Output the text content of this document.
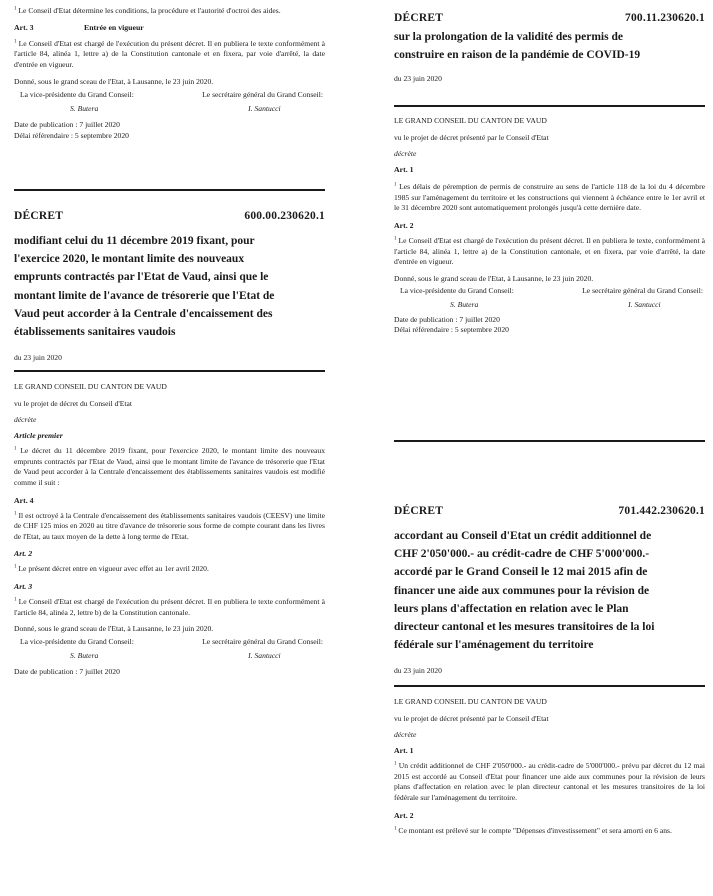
$^1$ Le Conseil d'Etat détermine les conditions, la procédure et l'autorité d'octroi des aides.

Art. 3	Entrée en vigueur

$^1$ Le Conseil d'Etat est chargé de l'exécution du présent décret. Il en publiera le texte conformément à l'article 84, alinéa 1, lettre a) de la Constitution cantonale et en fixera, par voie d'arrêté, la date d'entrée en vigueur.

Donné, sous le grand sceau de l'Etat, à Lausanne, le 23 juin 2020.

La vice-présidente du Grand Conseil:	Le secrétaire général du Grand Conseil:
S. Butera	I. Santucci

Date de publication : 7 juillet 2020

Délai référendaire : 5 septembre 2020

DÉCRET	600.00.230620.1

modifiant celui du 11 décembre 2019 fixant, pour

l'exercice 2020, le montant limite des nouveaux

emprunts contractés par l'Etat de Vaud, ainsi que le

montant limite de l'avance de trésorerie que l'Etat de

Vaud peut accorder à la Centrale d'encaissement des

établissements sanitaires vaudois

du 23 juin 2020

LE GRAND CONSEIL DU CANTON DE VAUD

vu le projet de décret du Conseil d'Etat

décrète

Article premier

$^1$ Le décret du 11 décembre 2019 fixant, pour l'exercice 2020, le montant limite des nouveaux emprunts contractés par l'Etat de Vaud, ainsi que le montant limite de l'avance de trésorerie que l'Etat de Vaud peut accorder à la Centrale d'encaissement des établissements sanitaires vaudois est modifié comme il suit :

Art. 4

$^1$ Il est octroyé à la Centrale d'encaissement des établissements sanitaires vaudois (CEESV) une limite de CHF 125 mios en 2020 au titre d'avance de trésorerie sous forme de compte courant dans les livres de l'Etat, au taux moyen de la dette à long terme de l'Etat.

Art. 2

$^1$ Le présent décret entre en vigueur avec effet au 1er avril 2020.

Art. 3

$^1$ Le Conseil d'Etat est chargé de l'exécution du présent décret. Il en publiera le texte conformément à l'article 84, alinéa 2, lettre b) de la Constitution cantonale.

Donné, sous le grand sceau de l'Etat, à Lausanne, le 23 juin 2020.

La vice-présidente du Grand Conseil:	Le secrétaire général du Grand Conseil:
S. Butera	I. Santucci

Date de publication : 7 juillet 2020

DÉCRET	700.11.230620.1

sur la prolongation de la validité des permis de

construire en raison de la pandémie de COVID-19

du 23 juin 2020

LE GRAND CONSEIL DU CANTON DE VAUD

vu le projet de décret présenté par le Conseil d'Etat

décrète

Art. 1

$^1$ Les délais de péremption de permis de construire au sens de l'article 118 de la loi du 4 décembre 1985 sur l'aménagement du territoire et les constructions qui viennent à échéance entre le 1er avril et le 31 décembre 2020 sont automatiquement prolongés jusqu'à cette dernière date.

Art. 2

$^1$ Le Conseil d'Etat est chargé de l'exécution du présent décret. Il en publiera le texte, conformément à l'article 84, alinéa 1, lettre a) de la Constitution cantonale, et en fixera, par voie d'arrêté, la date d'entrée en vigueur.

Donné, sous le grand sceau de l'Etat, à Lausanne, le 23 juin 2020.

La vice-présidente du Grand Conseil:	Le secrétaire général du Grand Conseil:
S. Butera	I. Santucci

Date de publication : 7 juillet 2020

Délai référendaire : 5 septembre 2020

DÉCRET	701.442.230620.1

accordant au Conseil d'Etat un crédit additionnel de

CHF 2'050'000.- au crédit-cadre de CHF 5'000'000.-

accordé par le Grand Conseil le 12 mai 2015 afin de

financer une aide aux communes pour la révision de

leurs plans d'affectation en relation avec le Plan

directeur cantonal et les mesures transitoires de la loi

fédérale sur l'aménagement du territoire

du 23 juin 2020

LE GRAND CONSEIL DU CANTON DE VAUD

vu le projet de décret présenté par le Conseil d'Etat

décrète

Art. 1

$^1$ Un crédit additionnel de CHF 2'050'000.- au crédit-cadre de 5'000'000.- prévu par décret du 12 mai 2015 est accordé au Conseil d'Etat pour financer une aide aux communes pour la révision de leurs plans d'affectation en relation avec le plan directeur cantonal et les mesures transitoires de la loi fédérale sur l'aménagement du territoire.

Art. 2

$^1$ Ce montant est prélevé sur le compte "Dépenses d'investissement" et sera amorti en 6 ans.
